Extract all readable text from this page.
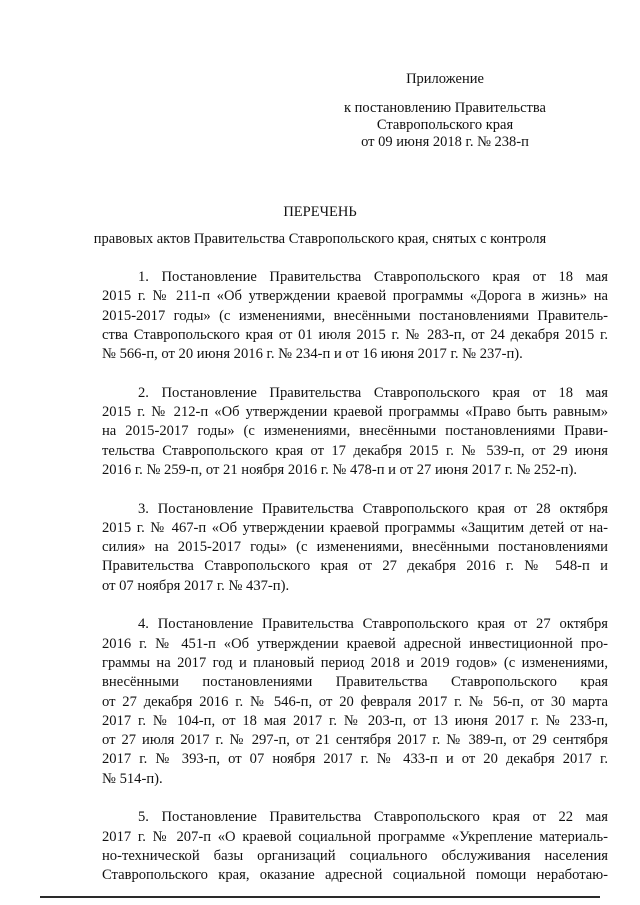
Приложение
к постановлению Правительства
Ставропольского края
от 09 июня 2018 г. № 238-п
ПЕРЕЧЕНЬ
правовых актов Правительства Ставропольского края, снятых с контроля
1. Постановление Правительства Ставропольского края от 18 мая
2015 г. № 211-п «Об утверждении краевой программы «Дорога в жизнь» на
2015-2017 годы» (с изменениями, внесёнными постановлениями Правитель-
ства Ставропольского края от 01 июля 2015 г. № 283-п, от 24 декабря 2015 г.
№ 566-п, от 20 июня 2016 г. № 234-п и от 16 июня 2017 г. № 237-п).
2. Постановление Правительства Ставропольского края от 18 мая
2015 г. № 212-п «Об утверждении краевой программы «Право быть равным»
на 2015-2017 годы» (с изменениями, внесёнными постановлениями Прави-
тельства Ставропольского края от 17 декабря 2015 г. № 539-п, от 29 июня
2016 г. № 259-п, от 21 ноября 2016 г. № 478-п и от 27 июня 2017 г. № 252-п).
3. Постановление Правительства Ставропольского края от 28 октября
2015 г. № 467-п «Об утверждении краевой программы «Защитим детей от на-
силия» на 2015-2017 годы» (с изменениями, внесёнными постановлениями
Правительства Ставропольского края от 27 декабря 2016 г. № 548-п и
от 07 ноября 2017 г. № 437-п).
4. Постановление Правительства Ставропольского края от 27 октября
2016 г. № 451-п «Об утверждении краевой адресной инвестиционной про-
граммы на 2017 год и плановый период 2018 и 2019 годов» (с изменениями,
внесёнными постановлениями Правительства Ставропольского края
от 27 декабря 2016 г. № 546-п, от 20 февраля 2017 г. № 56-п, от 30 марта
2017 г. № 104-п, от 18 мая 2017 г. № 203-п, от 13 июня 2017 г. № 233-п,
от 27 июля 2017 г. № 297-п, от 21 сентября 2017 г. № 389-п, от 29 сентября
2017 г. № 393-п, от 07 ноября 2017 г. № 433-п и от 20 декабря 2017 г.
№ 514-п).
5. Постановление Правительства Ставропольского края от 22 мая
2017 г. № 207-п «О краевой социальной программе «Укрепление материаль-
но-технической базы организаций социального обслуживания населения
Ставропольского края, оказание адресной социальной помощи неработаю-
